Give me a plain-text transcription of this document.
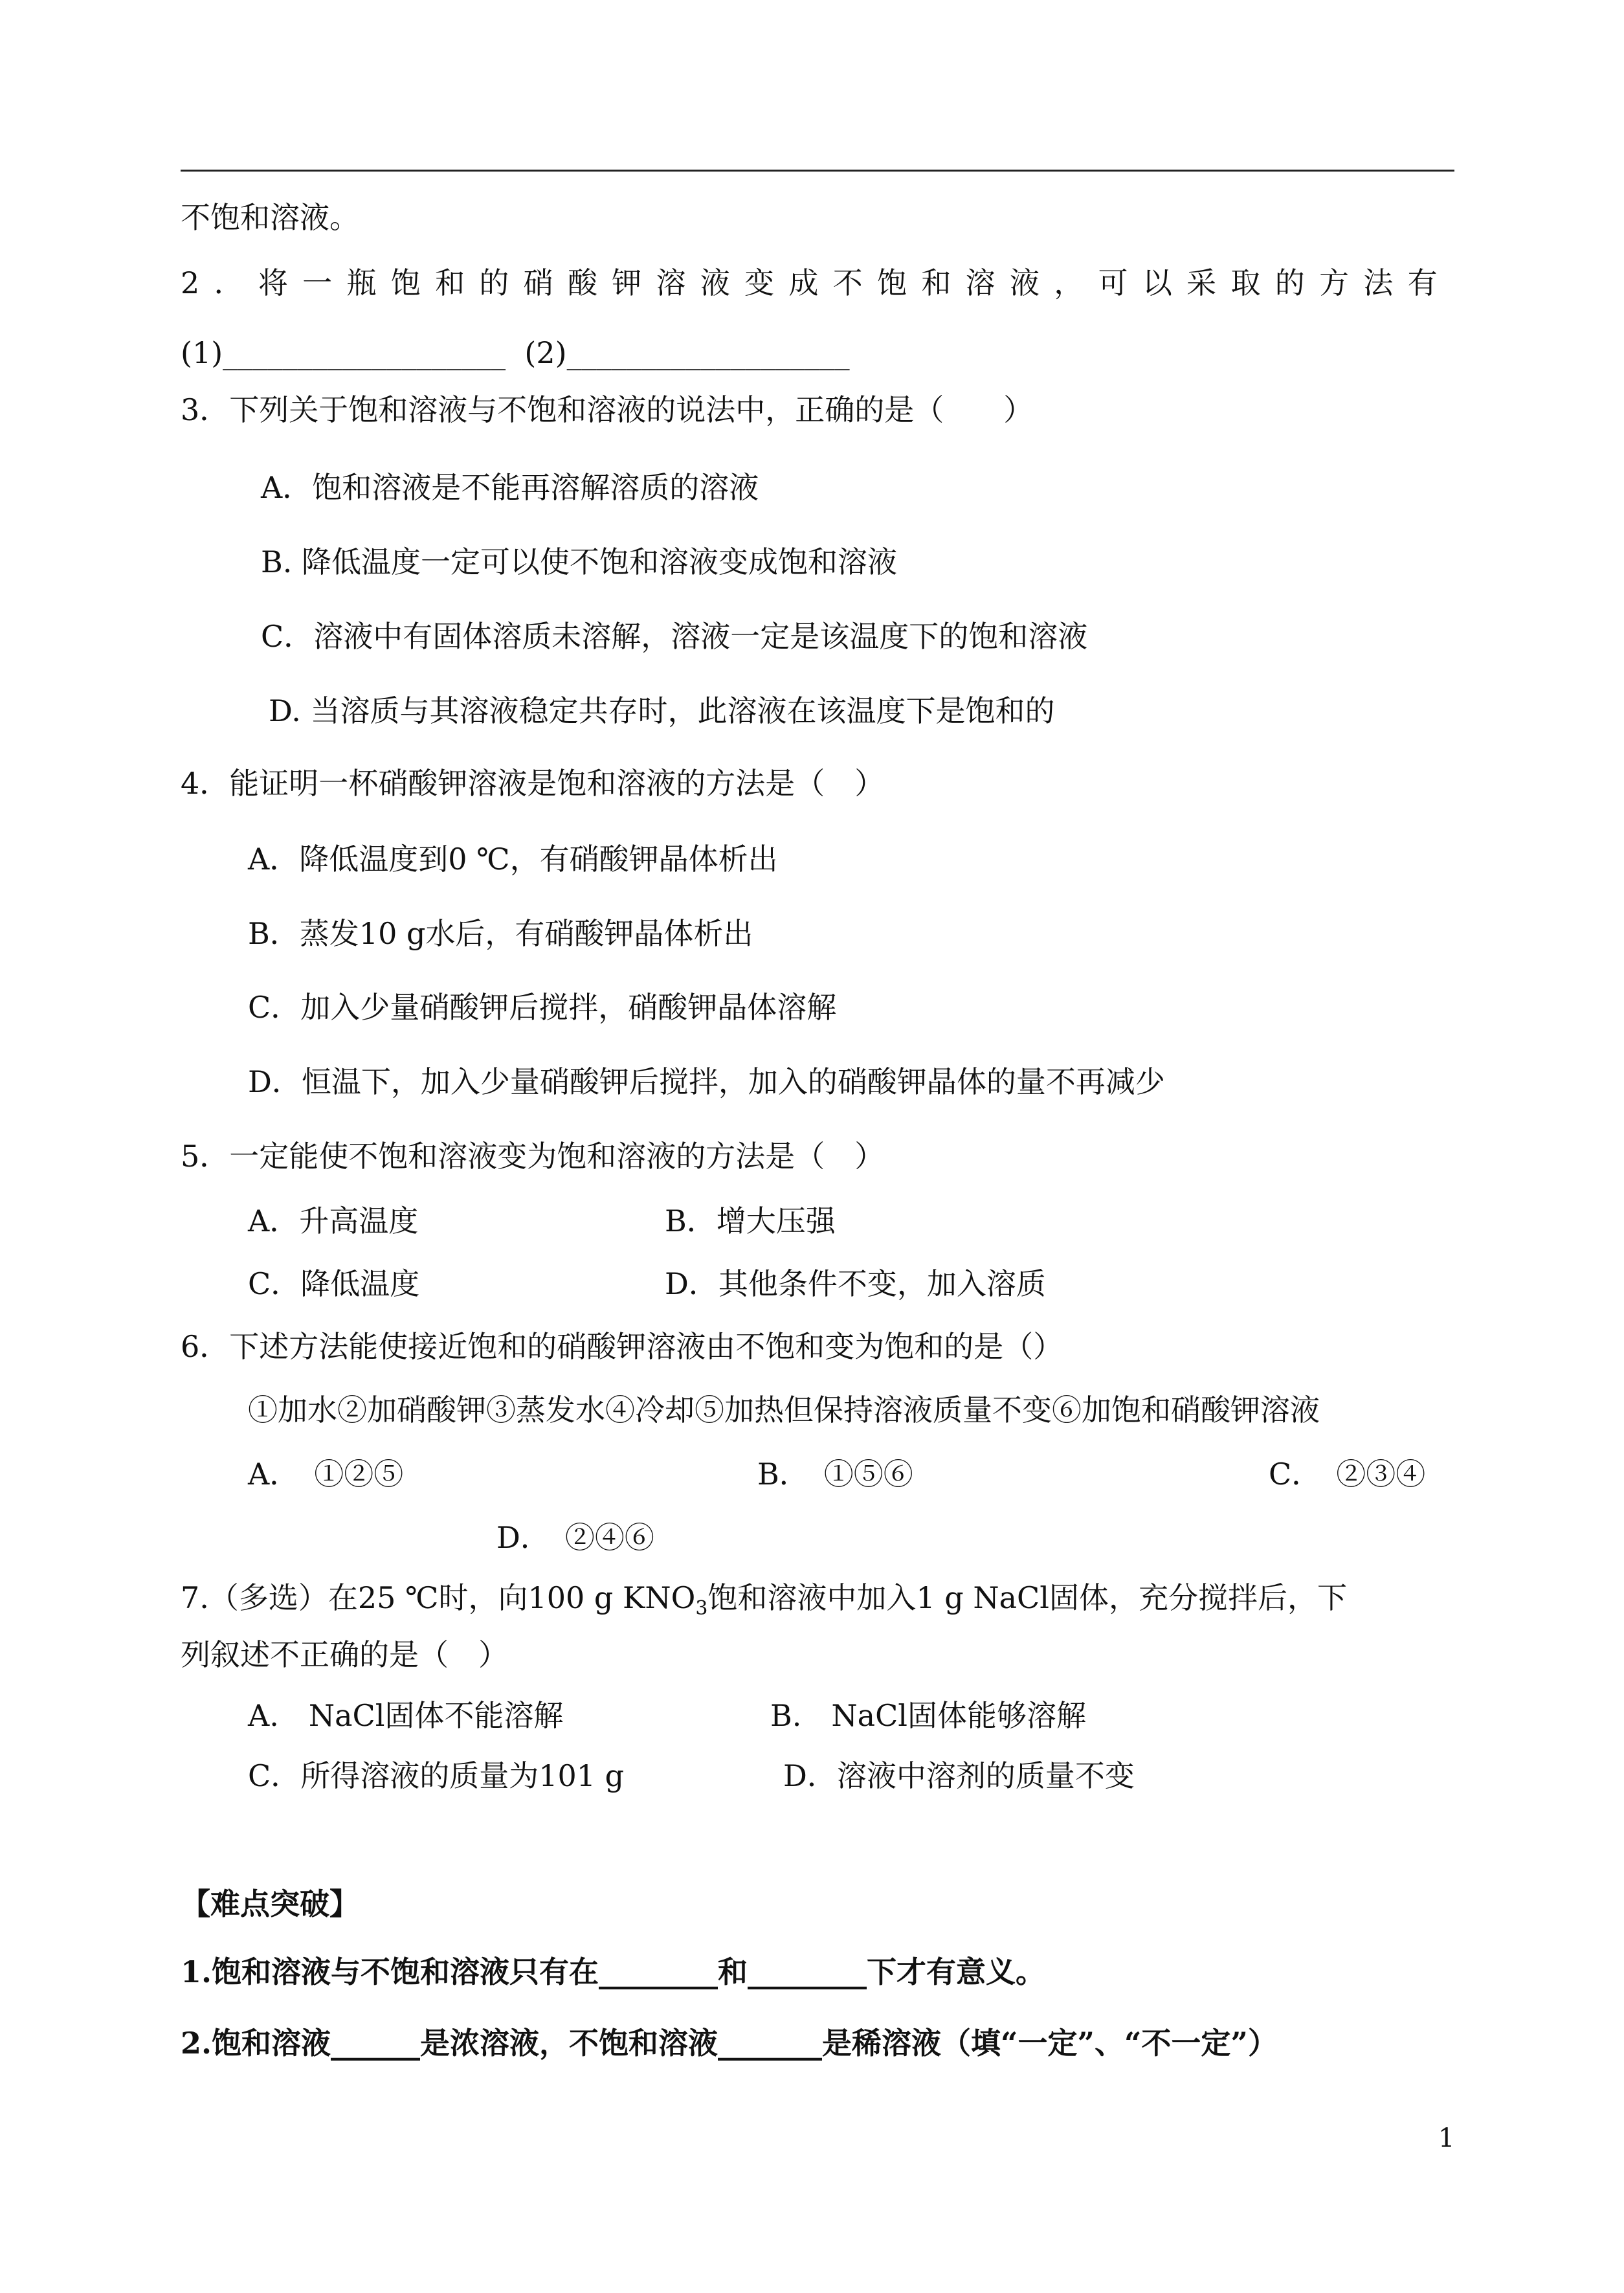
不饱和溶液。
2．将一瓶饱和的硝酸钾溶液变成不饱和溶液，可以采取的方法有
(1)___________________  (2)___________________
3．下列关于饱和溶液与不饱和溶液的说法中，正确的是（　　）
A．饱和溶液是不能再溶解溶质的溶液
B. 降低温度一定可以使不饱和溶液变成饱和溶液
C．溶液中有固体溶质未溶解，溶液一定是该温度下的饱和溶液
D. 当溶质与其溶液稳定共存时，此溶液在该温度下是饱和的
4．能证明一杯硝酸钾溶液是饱和溶液的方法是（　）
A．降低温度到0 ℃，有硝酸钾晶体析出
B．蒸发10 g水后，有硝酸钾晶体析出
C．加入少量硝酸钾后搅拌，硝酸钾晶体溶解
D．恒温下，加入少量硝酸钾后搅拌，加入的硝酸钾晶体的量不再减少
5．一定能使不饱和溶液变为饱和溶液的方法是（　）
A．升高温度	B．增大压强
C．降低温度	D．其他条件不变，加入溶质
6．下述方法能使接近饱和的硝酸钾溶液由不饱和变为饱和的是（）
①加水②加硝酸钾③蒸发水④冷却⑤加热但保持溶液质量不变⑥加饱和硝酸钾溶液
A．　①②⑤	B．　①⑤⑥	C．　②③④
D．　②④⑥
7.（多选）在25 ℃时，向100 g $KNO_3$饱和溶液中加入1 g NaCl固体，充分搅拌后，下
列叙述不正确的是（　）
A.　NaCl固体不能溶解	B.　NaCl固体能够溶解
C．所得溶液的质量为101 g	D．溶液中溶剂的质量不变
【难点突破】
1.饱和溶液与不饱和溶液只有在________和________下才有意义。
2.饱和溶液______是浓溶液，不饱和溶液_______是稀溶液（填“一定”、“不一定”）
1
